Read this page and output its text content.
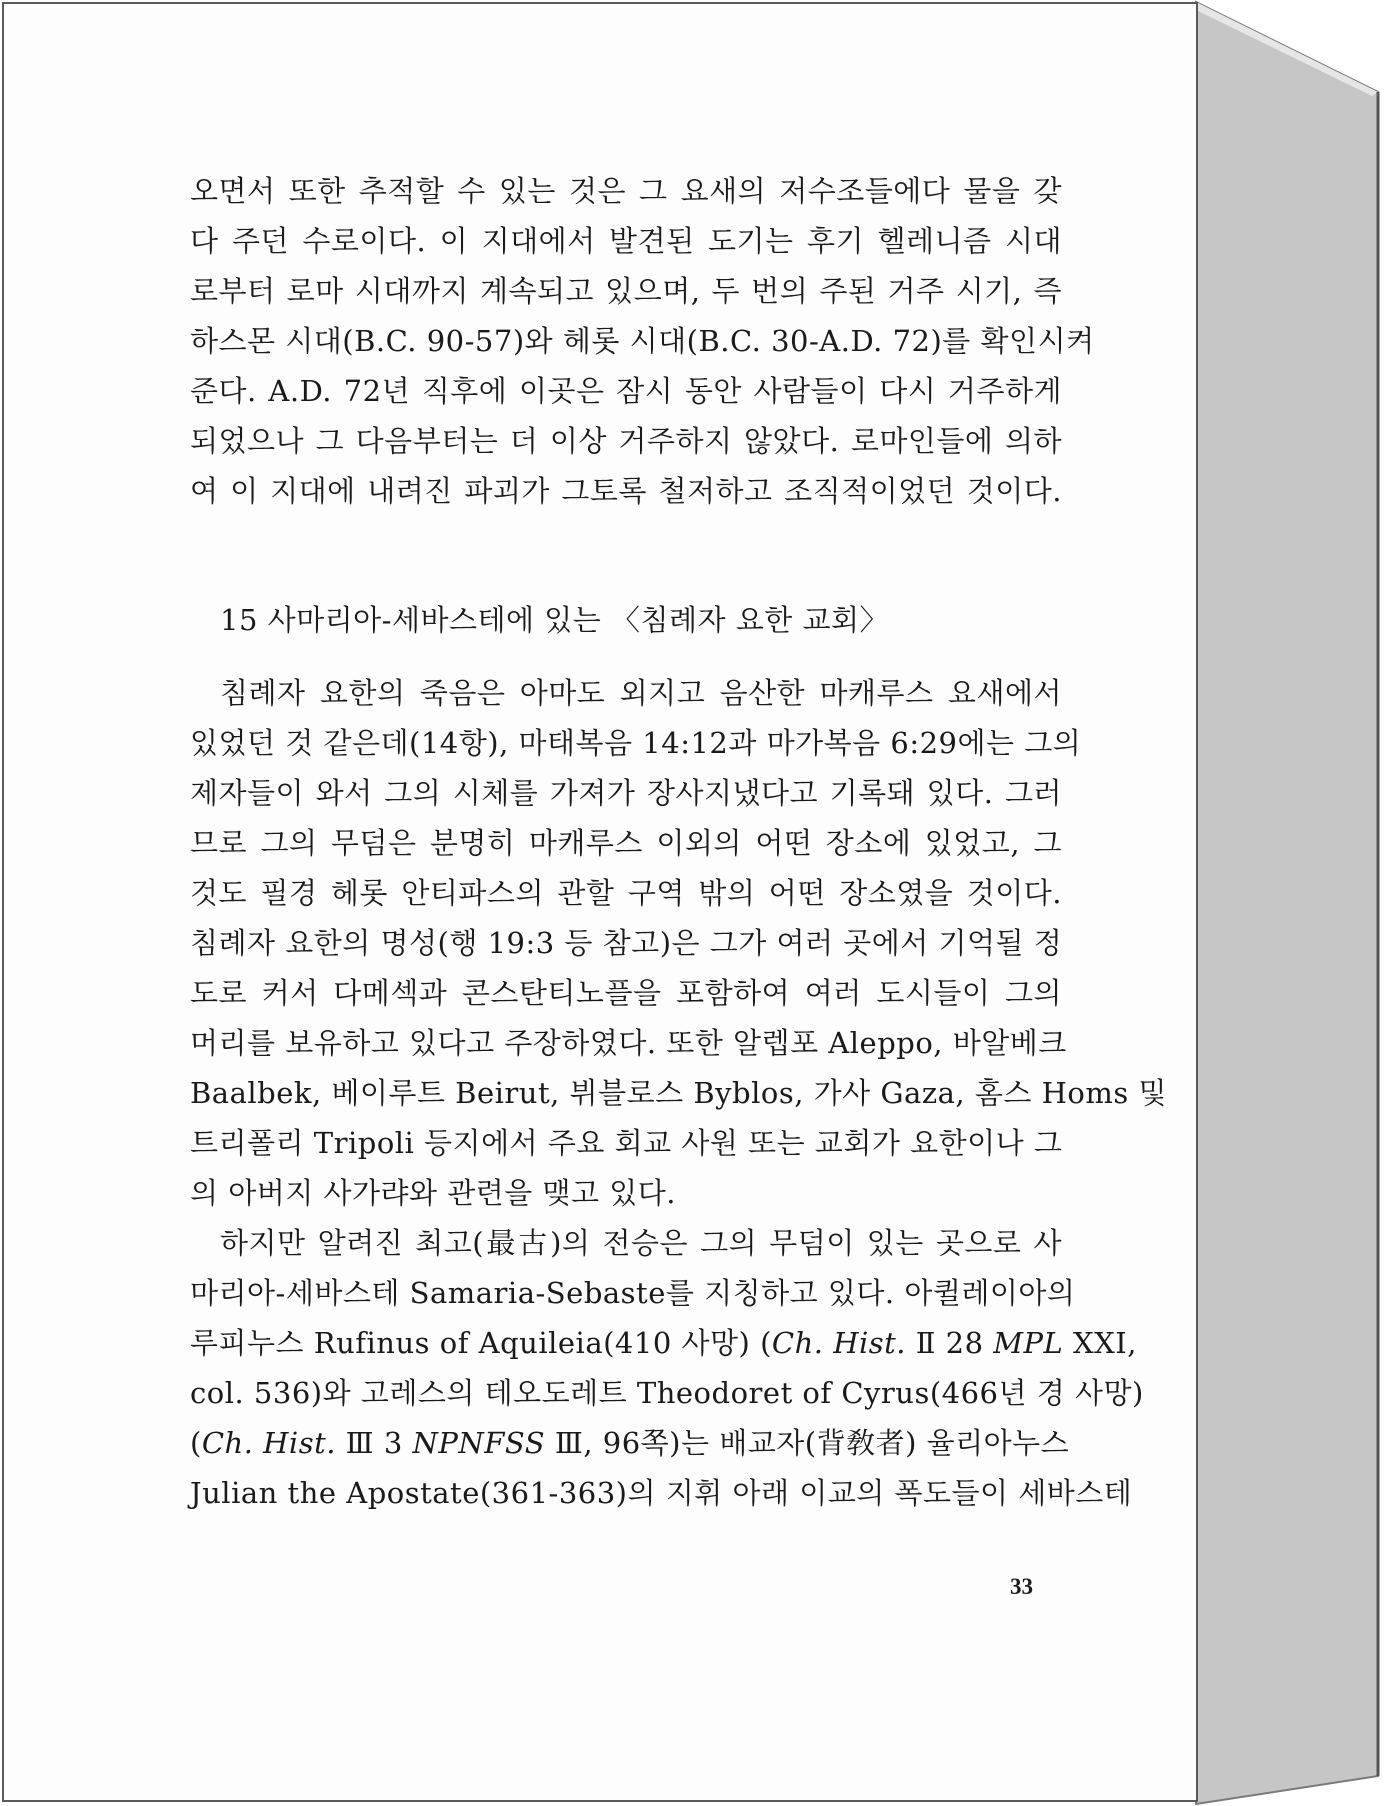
오면서 또한 추적할 수 있는 것은 그 요새의 저수조들에다 물을 갖
다 주던 수로이다. 이 지대에서 발견된 도기는 후기 헬레니즘 시대
로부터 로마 시대까지 계속되고 있으며, 두 번의 주된 거주 시기, 즉
하스몬 시대(B.C. 90-57)와 헤롯 시대(B.C. 30-A.D. 72)를 확인시켜
준다. A.D. 72년 직후에 이곳은 잠시 동안 사람들이 다시 거주하게
되었으나 그 다음부터는 더 이상 거주하지 않았다. 로마인들에 의하
여 이 지대에 내려진 파괴가 그토록 철저하고 조직적이었던 것이다.
15 사마리아-세바스테에 있는 〈침례자 요한 교회〉
침례자 요한의 죽음은 아마도 외지고 음산한 마캐루스 요새에서
있었던 것 같은데(14항), 마태복음 14:12과 마가복음 6:29에는 그의
제자들이 와서 그의 시체를 가져가 장사지냈다고 기록돼 있다. 그러
므로 그의 무덤은 분명히 마캐루스 이외의 어떤 장소에 있었고, 그
것도 필경 헤롯 안티파스의 관할 구역 밖의 어떤 장소였을 것이다.
침례자 요한의 명성(행 19:3 등 참고)은 그가 여러 곳에서 기억될 정
도로 커서 다메섹과 콘스탄티노플을 포함하여 여러 도시들이 그의
머리를 보유하고 있다고 주장하였다. 또한 알렙포 Aleppo, 바알베크
Baalbek, 베이루트 Beirut, 뷔블로스 Byblos, 가사 Gaza, 홈스 Homs 및
트리폴리 Tripoli 등지에서 주요 회교 사원 또는 교회가 요한이나 그
의 아버지 사가랴와 관련을 맺고 있다.
하지만 알려진 최고(最古)의 전승은 그의 무덤이 있는 곳으로 사
마리아-세바스테 Samaria-Sebaste를 지칭하고 있다. 아퀼레이아의
루피누스 Rufinus of Aquileia(410 사망) (Ch. Hist. Ⅱ 28 MPL XXI,
col. 536)와 고레스의 테오도레트 Theodoret of Cyrus(466년 경 사망)
(Ch. Hist. Ⅲ 3 NPNFSS Ⅲ, 96쪽)는 배교자(背敎者) 율리아누스
Julian the Apostate(361-363)의 지휘 아래 이교의 폭도들이 세바스테
33
